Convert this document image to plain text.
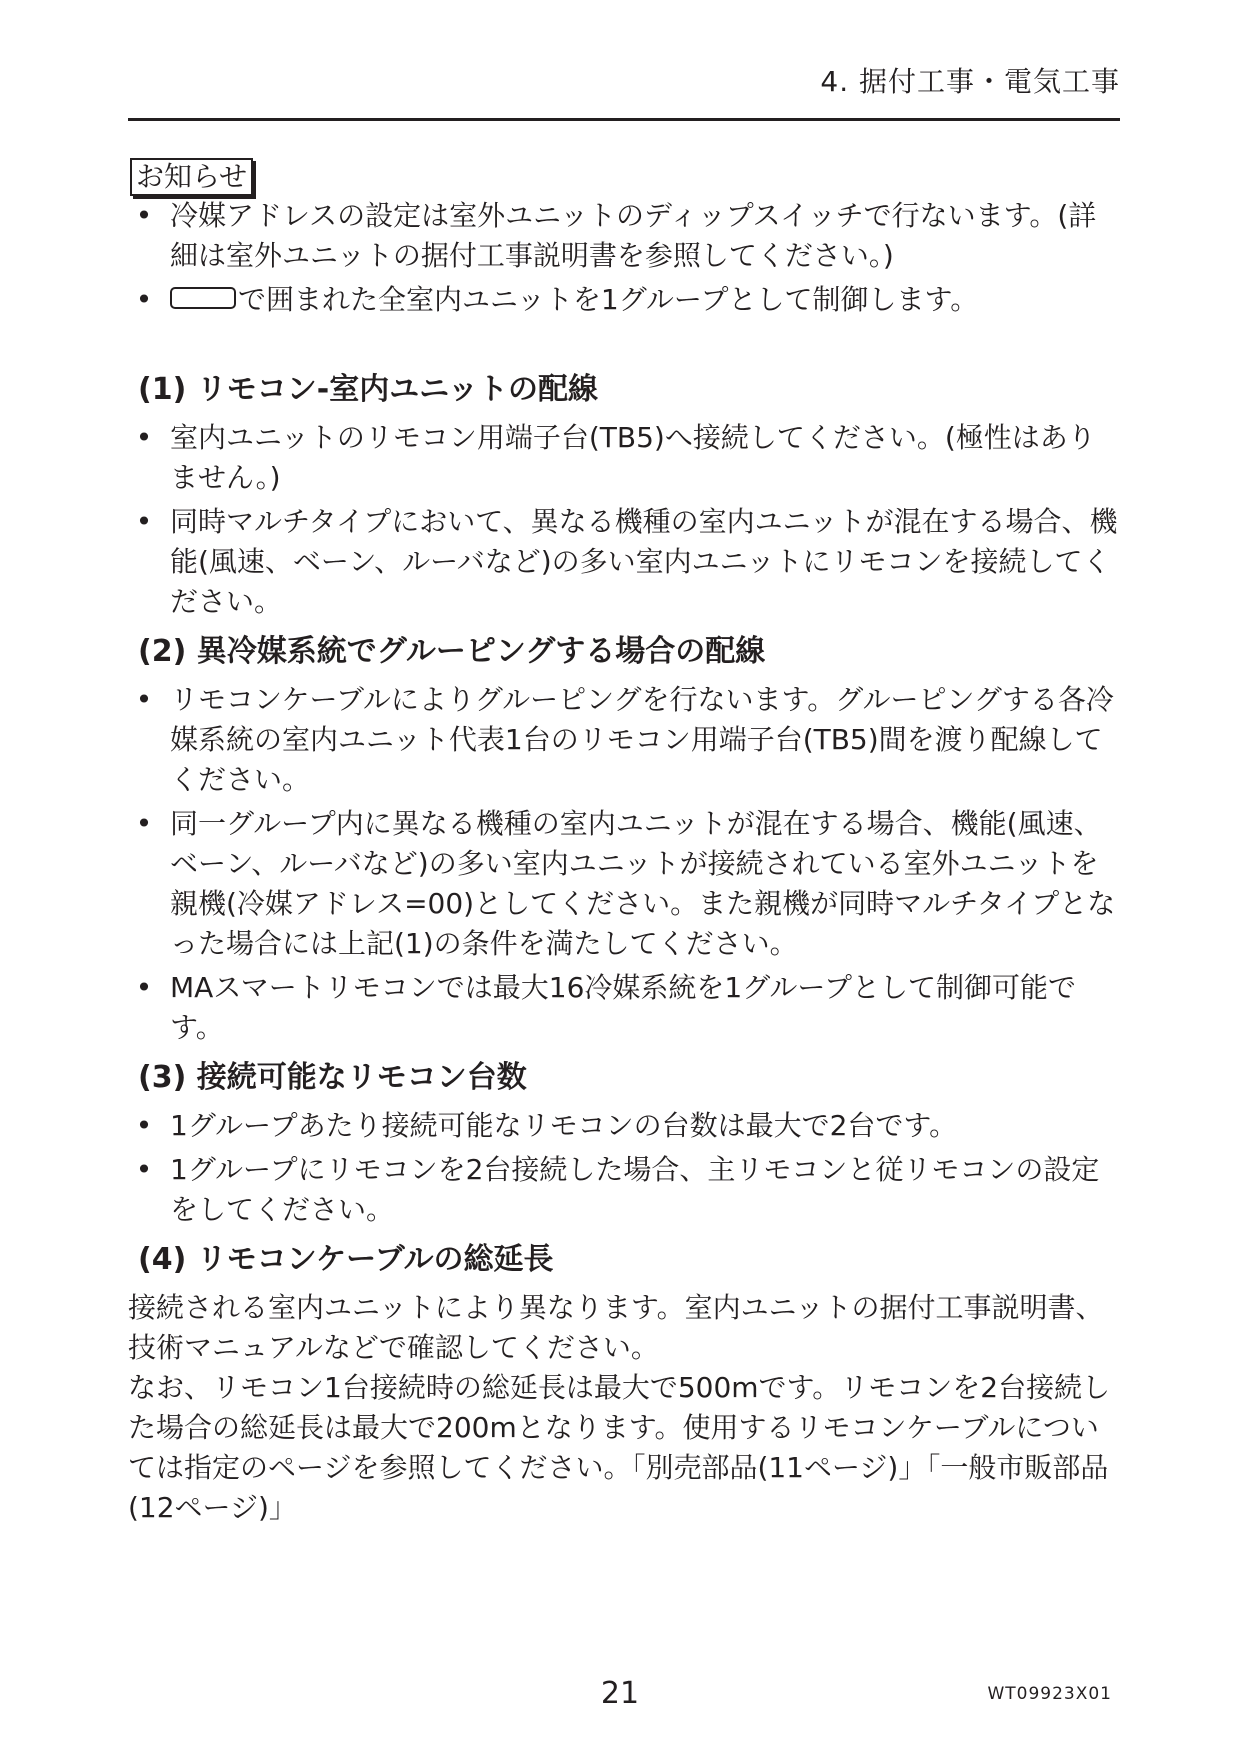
4. 据付工事・電気工事
お知らせ
• 冷媒アドレスの設定は室外ユニットのディップスイッチで行ないます。(詳細は室外ユニットの据付工事説明書を参照してください。)
•	で囲まれた全室内ユニットを1グループとして制御します。
(1) リモコン-室内ユニットの配線
• 室内ユニットのリモコン用端子台(TB5)へ接続してください。(極性はありません。)
• 同時マルチタイプにおいて、異なる機種の室内ユニットが混在する場合、機能(風速、ベーン、ルーバなど)の多い室内ユニットにリモコンを接続してください。
(2) 異冷媒系統でグルーピングする場合の配線
• リモコンケーブルによりグルーピングを行ないます。グルーピングする各冷媒系統の室内ユニット代表1台のリモコン用端子台(TB5)間を渡り配線してください。
• 同一グループ内に異なる機種の室内ユニットが混在する場合、機能(風速、ベーン、ルーバなど)の多い室内ユニットが接続されている室外ユニットを親機(冷媒アドレス=00)としてください。また親機が同時マルチタイプとなった場合には上記(1)の条件を満たしてください。
• MAスマートリモコンでは最大16冷媒系統を1グループとして制御可能です。
(3) 接続可能なリモコン台数
• 1グループあたり接続可能なリモコンの台数は最大で2台です。
• 1グループにリモコンを2台接続した場合、主リモコンと従リモコンの設定をしてください。
(4) リモコンケーブルの総延長

接続される室内ユニットにより異なります。室内ユニットの据付工事説明書、技術マニュアルなどで確認してください。

なお、リモコン1台接続時の総延長は最大で500mです。リモコンを2台接続した場合の総延長は最大で200mとなります。使用するリモコンケーブルについては指定のページを参照してください。「別売部品(11ページ)」「一般市販部品(12ページ)」

21	WT09923X01
